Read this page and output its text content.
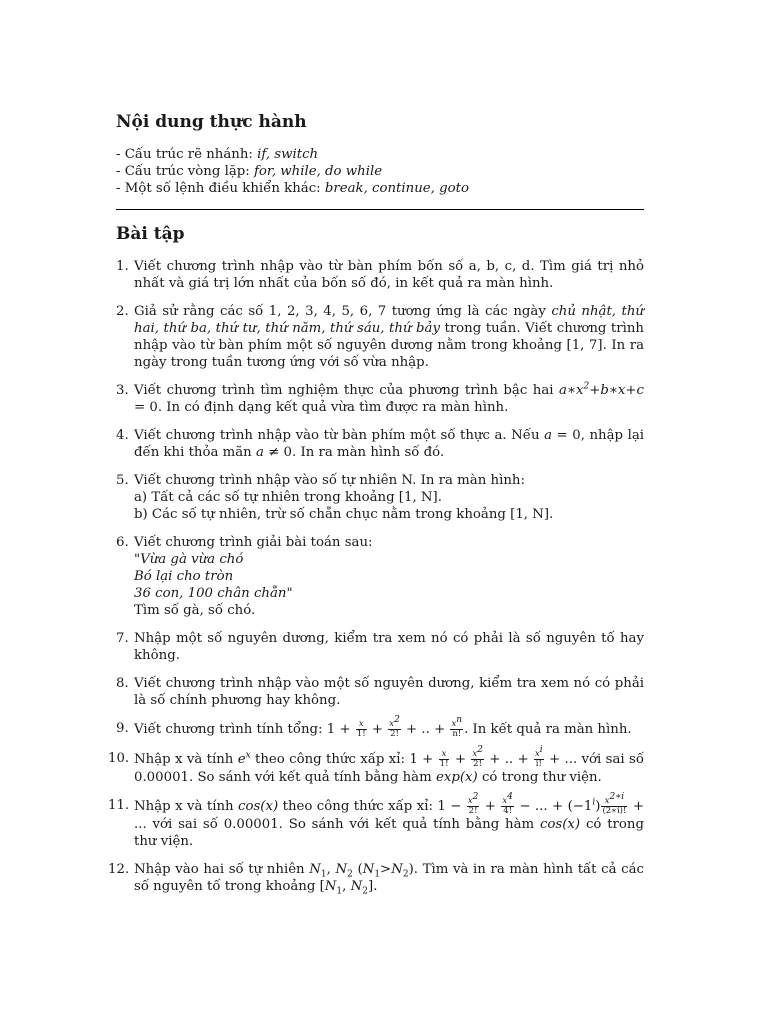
Nội dung thực hành
- Cấu trúc rẽ nhánh: if, switch
- Cấu trúc vòng lặp: for, while, do while
- Một số lệnh điều khiển khác: break, continue, goto
Bài tập
1. Viết chương trình nhập vào từ bàn phím bốn số a, b, c, d. Tìm giá trị nhỏ nhất và giá trị lớn nhất của bốn số đó, in kết quả ra màn hình.
2. Giả sử rằng các số 1, 2, 3, 4, 5, 6, 7 tương ứng là các ngày chủ nhật, thứ hai, thứ ba, thứ tư, thứ năm, thứ sáu, thứ bảy trong tuần. Viết chương trình nhập vào từ bàn phím một số nguyên dương nằm trong khoảng [1, 7]. In ra ngày trong tuần tương ứng với số vừa nhập.
3. Viết chương trình tìm nghiệm thực của phương trình bậc hai $a∗x^2+b∗x+c = 0$. In có định dạng kết quả vừa tìm được ra màn hình.
4. Viết chương trình nhập vào từ bàn phím một số thực a. Nếu a = 0, nhập lại đến khi thỏa mãn a ≠ 0. In ra màn hình số đó.
5. Viết chương trình nhập vào số tự nhiên N. In ra màn hình:
a) Tất cả các số tự nhiên trong khoảng [1, N].
b) Các số tự nhiên, trừ số chẵn chục nằm trong khoảng [1, N].
6. Viết chương trình giải bài toán sau:
"Vừa gà vừa chó
Bó lại cho tròn
36 con, 100 chân chẵn"
Tìm số gà, số chó.
7. Nhập một số nguyên dương, kiểm tra xem nó có phải là số nguyên tố hay không.
8. Viết chương trình nhập vào một số nguyên dương, kiểm tra xem nó có phải là số chính phương hay không.
9. Viết chương trình tính tổng: $1 + \frac{x}{1!} + \frac{x^2}{2!}$ + .. + $\frac{x^n}{n!}$ . In kết quả ra màn hình.
10. Nhập x và tính $e^x$ theo công thức xấp xỉ: $1 + \frac{x}{1!} + \frac{x^2}{2!}$ + .. + $\frac{x^i}{i!}$ + ... với sai số 0.00001. So sánh với kết quả tính bằng hàm exp(x) có trong thư viện.
11. Nhập x và tính cos(x) theo công thức xấp xỉ: $1 - \frac{x^2}{2!} + \frac{x^4}{4!}$ − ... + $(-1^i) \frac{x^{2∗i}}{(2∗i)!}$ + ... với sai số 0.00001. So sánh với kết quả tính bằng hàm cos(x) có trong thư viện.
12. Nhập vào hai số tự nhiên $N_1$, $N_2$ $(N_1>N_2)$. Tìm và in ra màn hình tất cả các số nguyên tố trong khoảng [$N_1$, $N_2$].
